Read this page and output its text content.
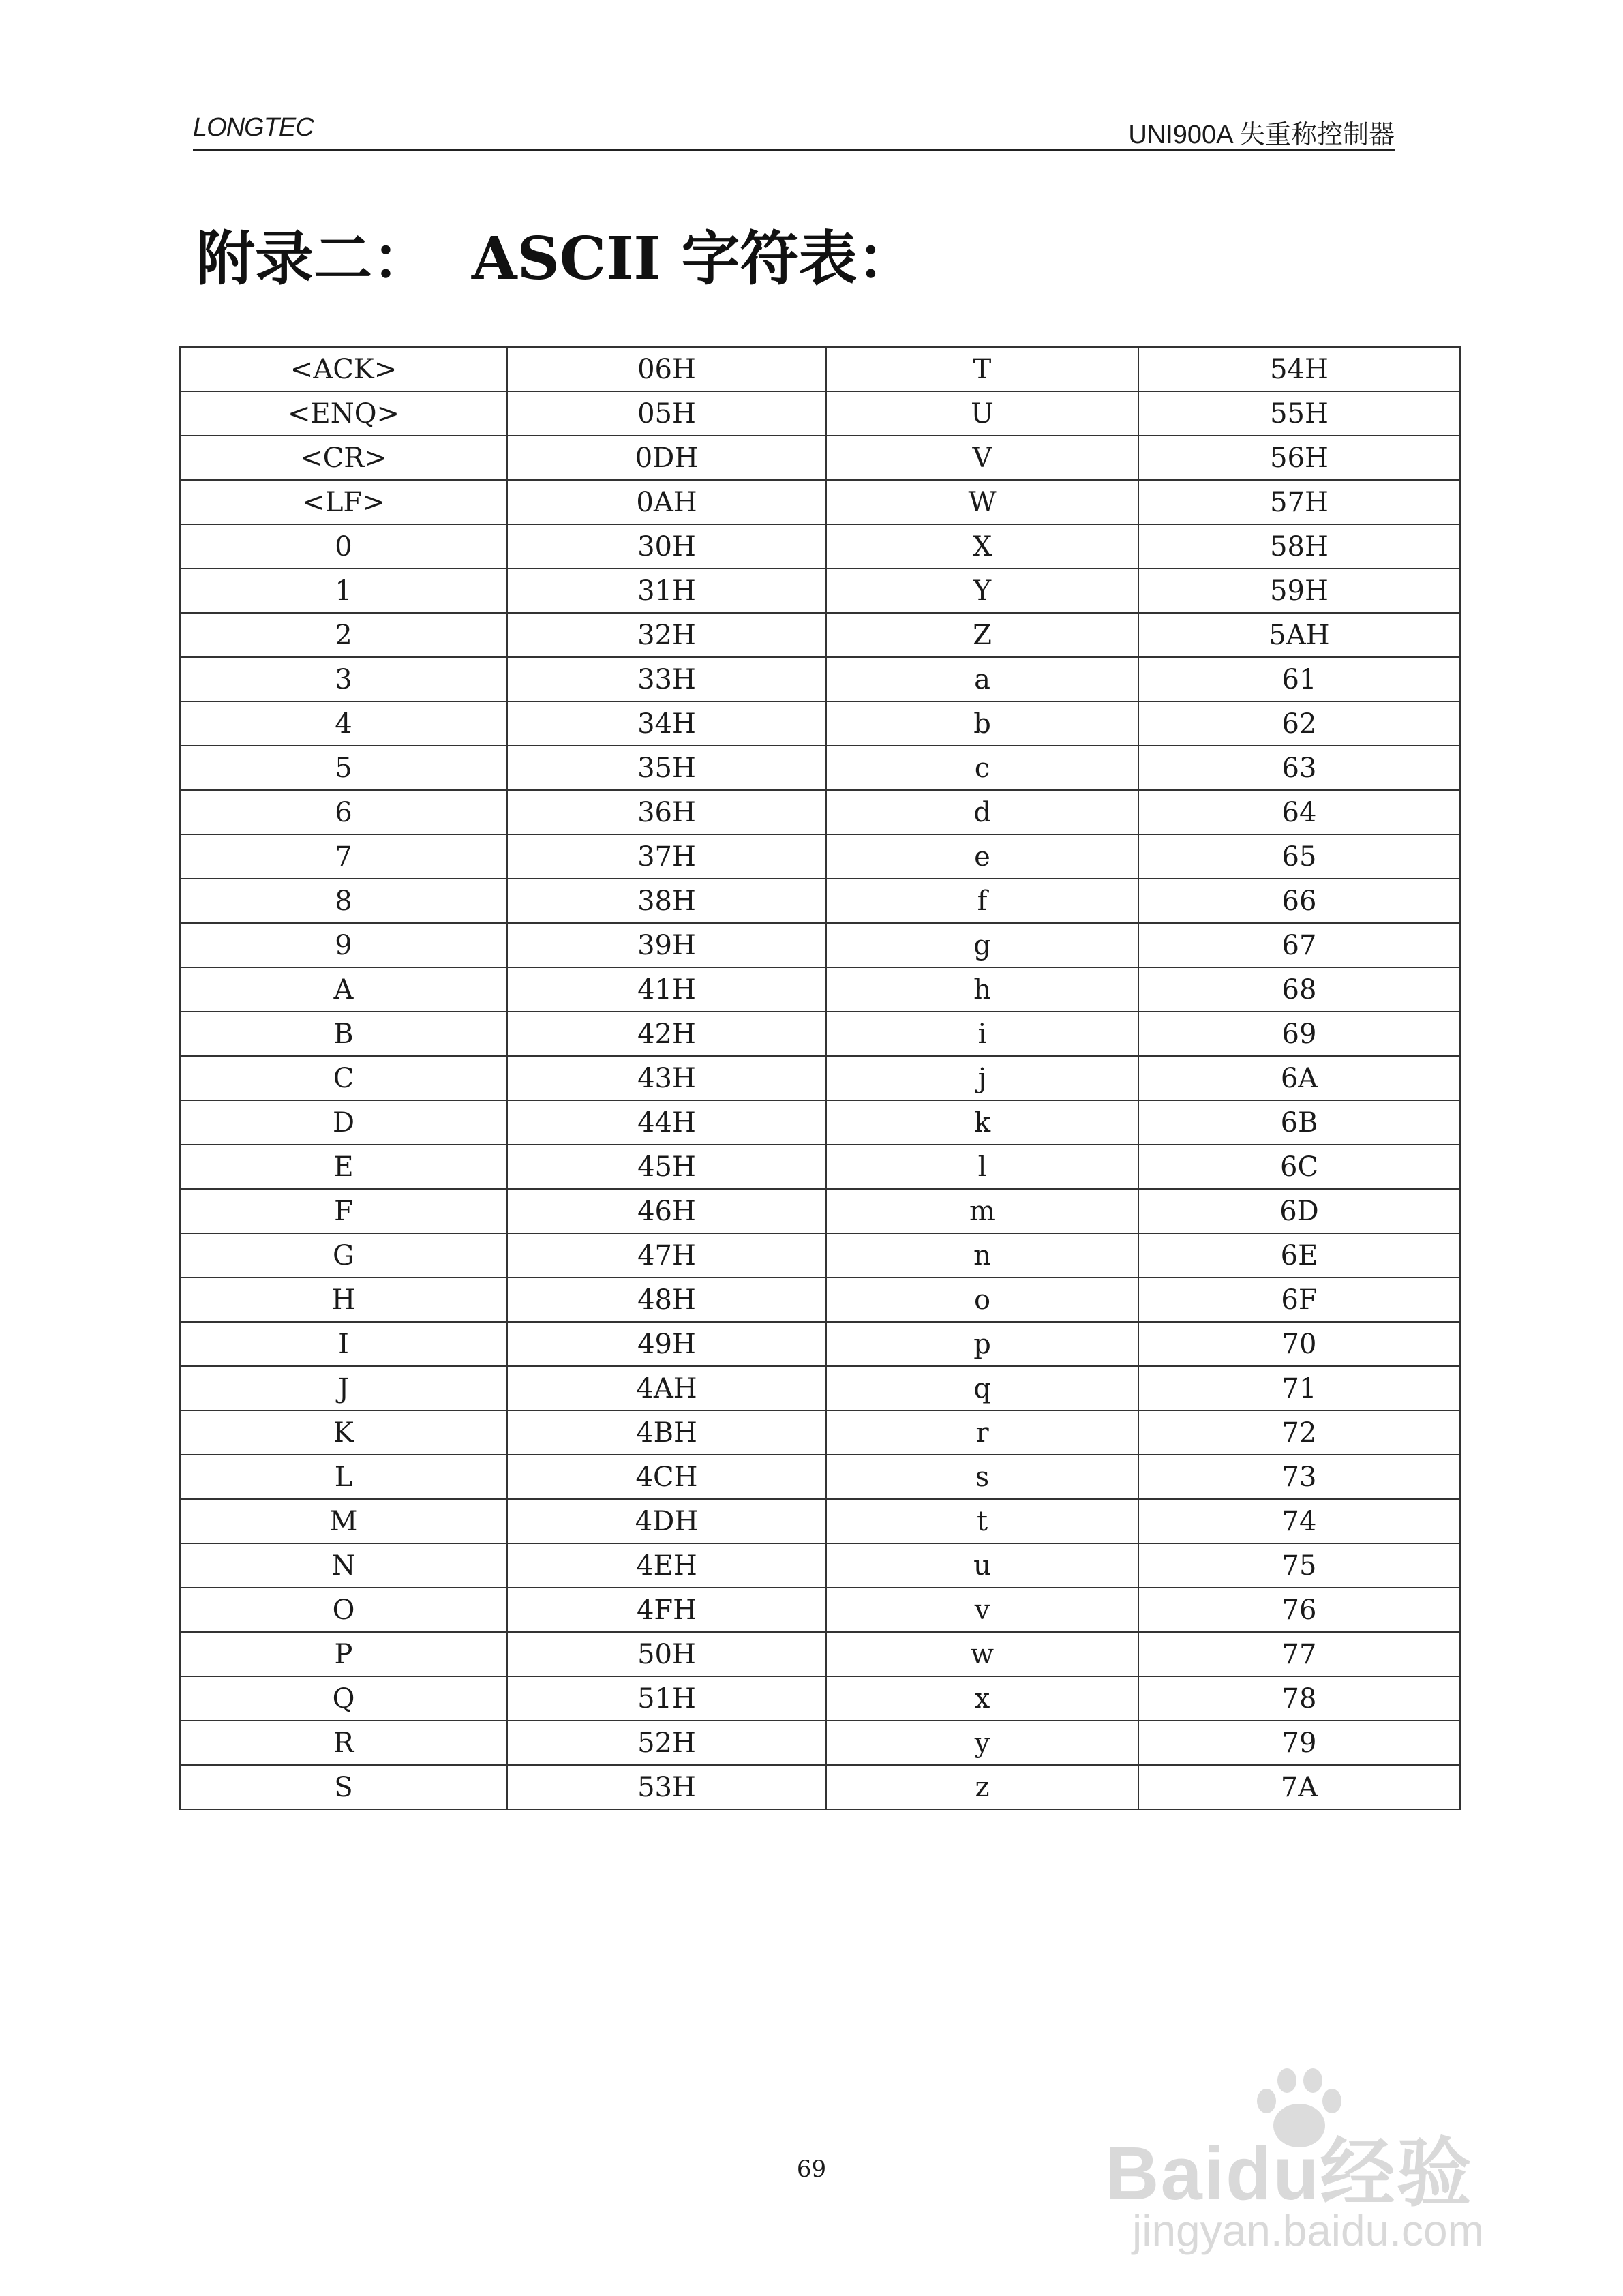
LONGTEC	UNI900A 失重称控制器
附录二：  ASCII 字符表：
<ACK>	06H	T	54H
<ENQ>	05H	U	55H
<CR>	0DH	V	56H
<LF>	0AH	W	57H
0	30H	X	58H
1	31H	Y	59H
2	32H	Z	5AH
3	33H	a	61
4	34H	b	62
5	35H	c	63
6	36H	d	64
7	37H	e	65
8	38H	f	66
9	39H	g	67
A	41H	h	68
B	42H	i	69
C	43H	j	6A
D	44H	k	6B
E	45H	l	6C
F	46H	m	6D
G	47H	n	6E
H	48H	o	6F
I	49H	p	70
J	4AH	q	71
K	4BH	r	72
L	4CH	s	73
M	4DH	t	74
N	4EH	u	75
O	4FH	v	76
P	50H	w	77
Q	51H	x	78
R	52H	y	79
S	53H	z	7A
69	Baidu经验
jingyan.baidu.com
